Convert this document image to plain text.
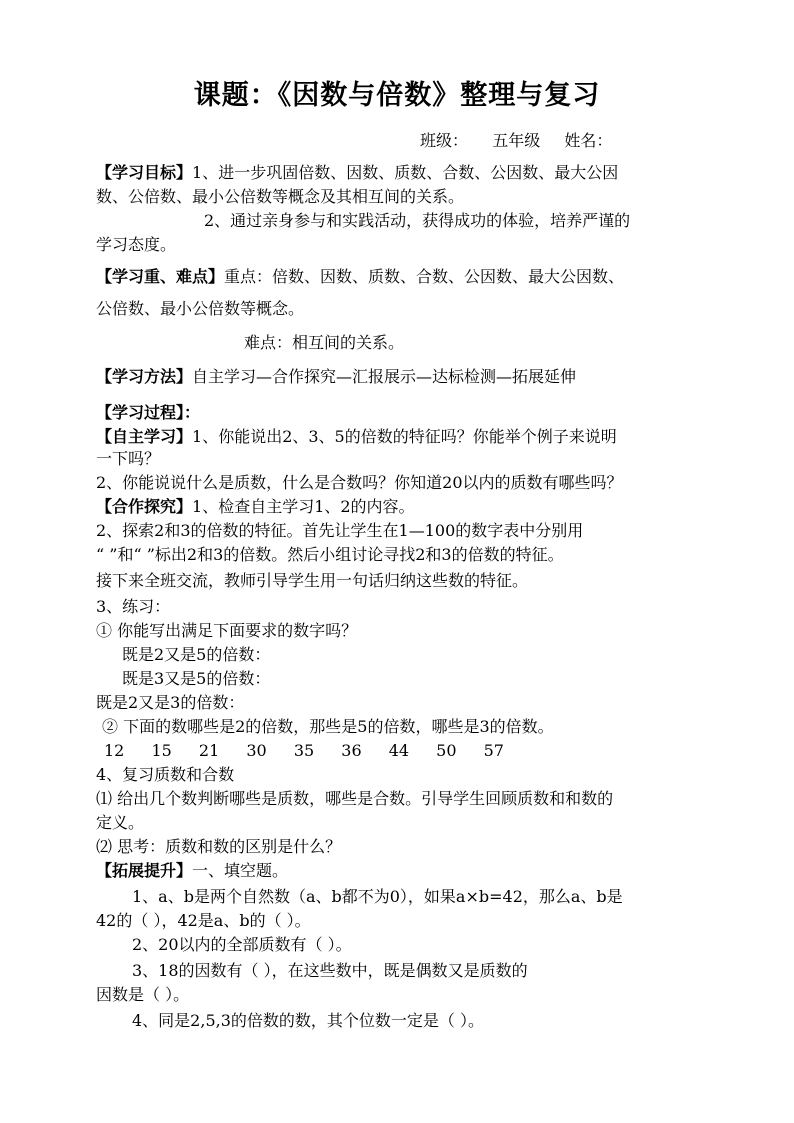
课题：《因数与倍数》整理与复习
班级： 五年级 姓名：
【学习目标】1、进一步巩固倍数、因数、质数、合数、公因数、最大公因
数、公倍数、最小公倍数等概念及其相互间的关系。
2、通过亲身参与和实践活动，获得成功的体验，培养严谨的
学习态度。
【学习重、难点】重点：倍数、因数、质数、合数、公因数、最大公因数、
公倍数、最小公倍数等概念。
难点：相互间的关系。
【学习方法】自主学习—合作探究—汇报展示—达标检测—拓展延伸
【学习过程】：
【自主学习】1、你能说出2、3、5的倍数的特征吗？你能举个例子来说明
一下吗？
2、你能说说什么是质数，什么是合数吗？你知道20以内的质数有哪些吗？
【合作探究】1、检查自主学习1、2的内容。
2、探索2和3的倍数的特征。首先让学生在1—100的数字表中分别用
“ ”和“ ”标出2和3的倍数。然后小组讨论寻找2和3的倍数的特征。
接下来全班交流，教师引导学生用一句话归纳这些数的特征。
3、练习：
① 你能写出满足下面要求的数字吗？
既是2又是5的倍数：
既是3又是5的倍数：
既是2又是3的倍数：
② 下面的数哪些是2的倍数，那些是5的倍数，哪些是3的倍数。
12 15 21 30 35 36 44 50 57
4、复习质数和合数
⑴ 给出几个数判断哪些是质数，哪些是合数。引导学生回顾质数和和数的
定义。
⑵ 思考：质数和数的区别是什么？
【拓展提升】一、填空题。
1、a、b是两个自然数（a、b都不为0），如果a×b=42，那么a、b是
42的（ ），42是a、b的（ ）。
2、20以内的全部质数有（ ）。
3、18的因数有（ ），在这些数中，既是偶数又是质数的
因数是（ ）。
4、同是2,5,3的倍数的数，其个位数一定是（ ）。
